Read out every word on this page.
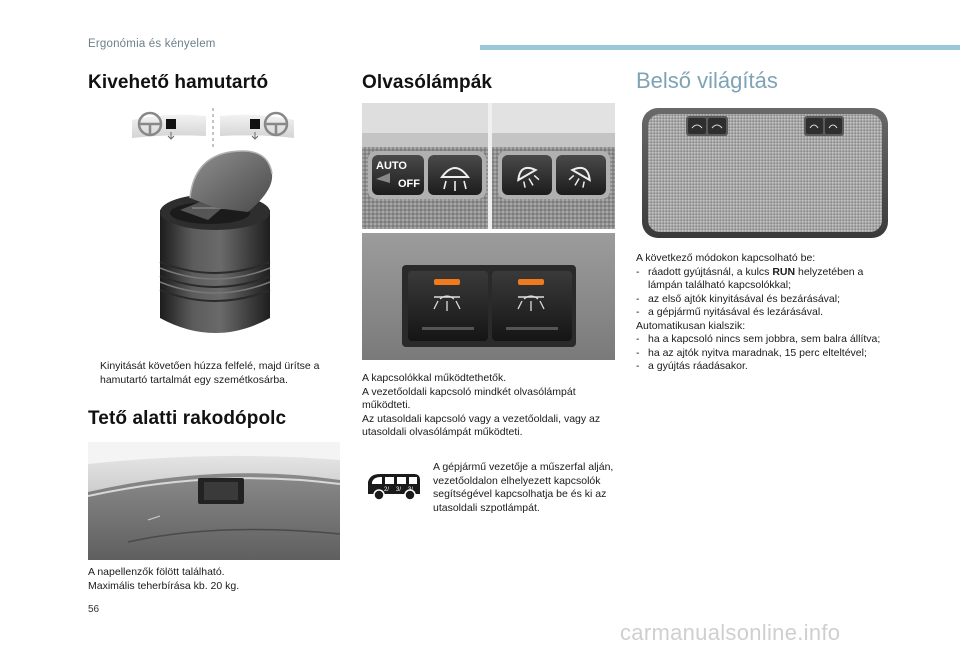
Ergonómia és kényelem
Kivehető hamutartó
Kinyitását követően húzza felfelé, majd ürítse a hamutartó tartalmát egy szemétkosárba.
Tető alatti rakodópolc

A napellenzők fölött található.

Maximális teherbírása kb. 20 kg.

Olvasólámpák
AUTO
OFF

A kapcsolókkal működtethetők.

A vezetőoldali kapcsoló mindkét olvasólámpát működteti.

Az utasoldali kapcsoló vagy a vezetőoldali, vagy az utasoldali olvasólámpát működteti.

2/ 3/
A gépjármű vezetője a műszerfal alján, vezetőoldalon elhelyezett kapcsolók segítségével kapcsolhatja be és ki az utasoldali szpotlámpát.
Belső világítás

A következő módokon kapcsolható be:

- ráadott gyújtásnál, a kulcs RUN helyzetében a lámpán található kapcsolókkal;
- az első ajtók kinyitásával és bezárásával;
- a gépjármű nyitásával és lezárásával.

Automatikusan kialszik:

- ha a kapcsoló nincs sem jobbra, sem balra állítva;
- ha az ajtók nyitva maradnak, 15 perc elteltével;
- a gyújtás ráadásakor.
56
carmanualsonline.info
